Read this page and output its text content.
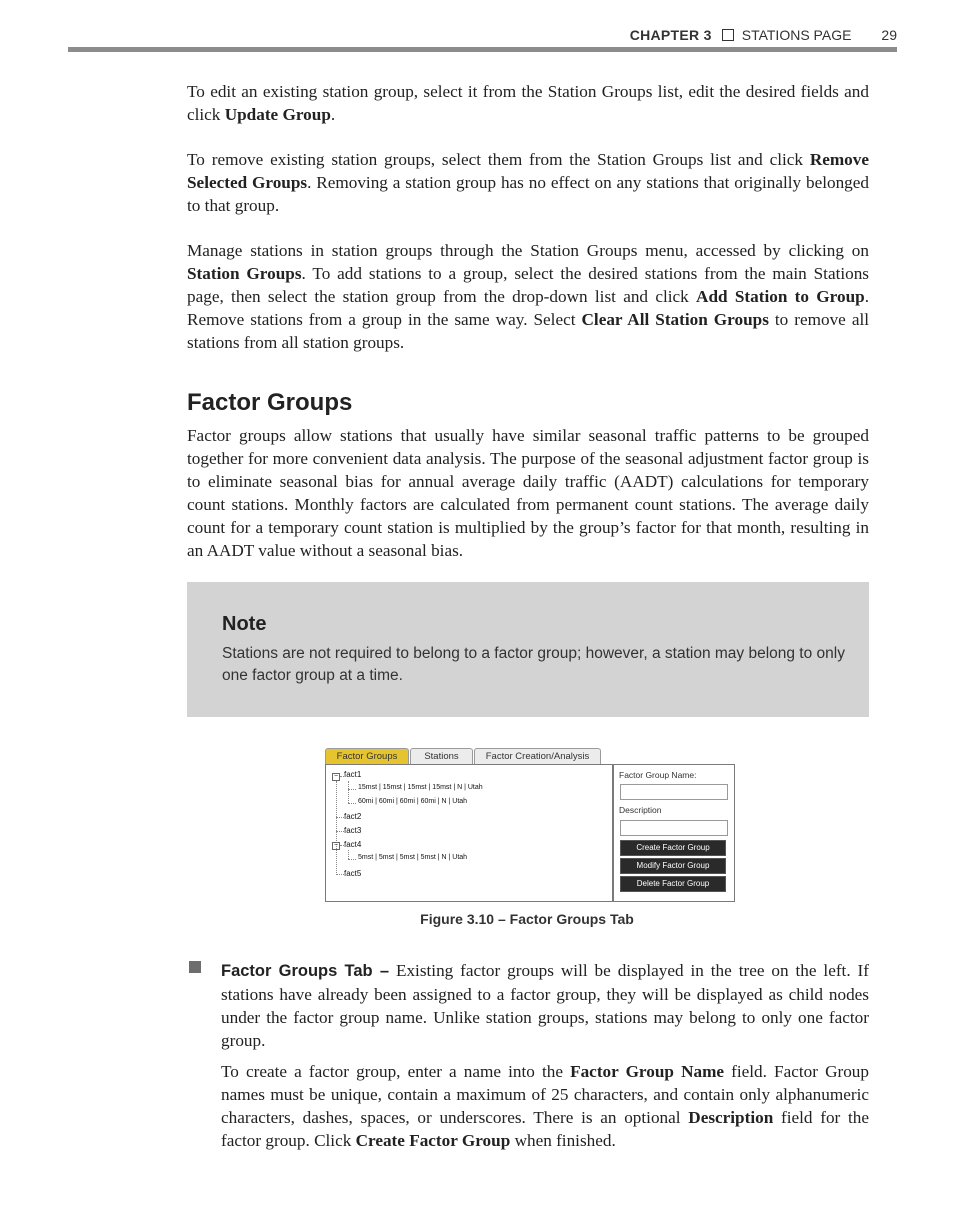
CHAPTER 3 STATIONS PAGE 29

To edit an existing station group, select it from the Station Groups list, edit the desired fields and click Update Group.

To remove existing station groups, select them from the Station Groups list and click Remove Selected Groups. Removing a station group has no effect on any stations that originally belonged to that group.

Manage stations in station groups through the Station Groups menu, accessed by clicking on Station Groups. To add stations to a group, select the desired stations from the main Stations page, then select the station group from the drop-down list and click Add Station to Group. Remove stations from a group in the same way. Select Clear All Station Groups to remove all stations from all station groups.

Factor Groups

Factor groups allow stations that usually have similar seasonal traffic patterns to be grouped together for more convenient data analysis. The purpose of the seasonal adjustment factor group is to eliminate seasonal bias for annual average daily traffic (AADT) calculations for temporary count stations. Monthly factors are calculated from permanent count stations. The average daily count for a temporary count station is multiplied by the group’s factor for that month, resulting in an AADT value without a seasonal bias.

Note
Stations are not required to belong to a factor group; however, a station may belong to only one factor group at a time.
Factor Groups	Stations	Factor Creation/Analysis
− fact1
15mst | 15mst | 15mst | 15mst | N | Utah
60mi | 60mi | 60mi | 60mi | N | Utah
fact2
fact3
− fact4
5mst | 5mst | 5mst | 5mst | N | Utah
fact5
Factor Group Name:
Description
Create Factor Group
Modify Factor Group
Delete Factor Group
Figure 3.10 – Factor Groups Tab

Factor Groups Tab – Existing factor groups will be displayed in the tree on the left. If stations have already been assigned to a factor group, they will be displayed as child nodes under the factor group name. Unlike station groups, stations may belong to only one factor group.

To create a factor group, enter a name into the Factor Group Name field. Factor Group names must be unique, contain a maximum of 25 characters, and contain only alphanumeric characters, dashes, spaces, or underscores. There is an optional Description field for the factor group. Click Create Factor Group when finished.
